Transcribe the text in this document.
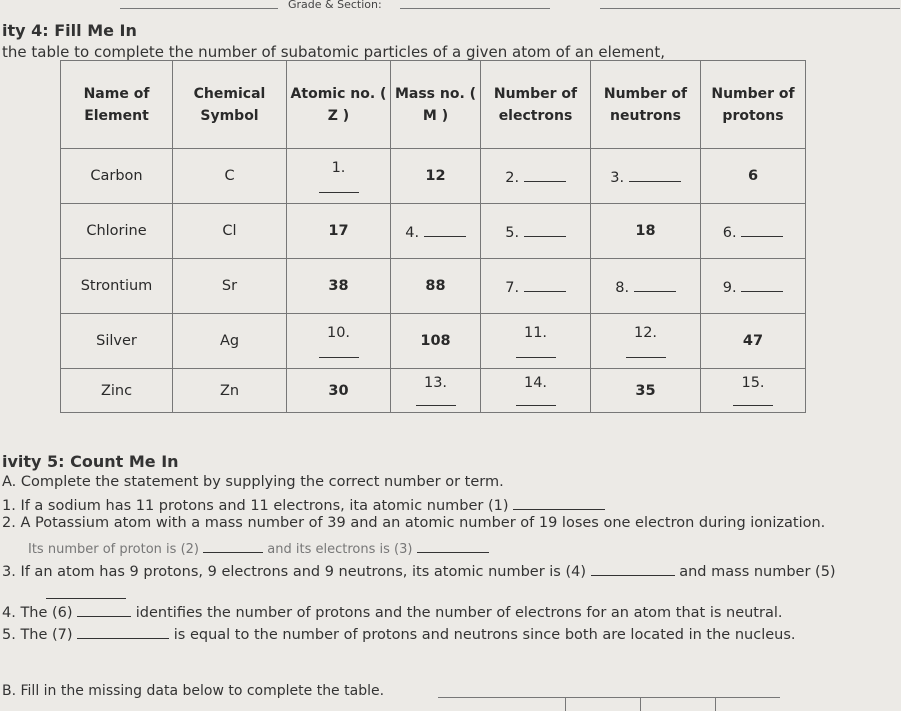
Grade & Section:
ity 4: Fill Me In
the table to complete the number of subatomic particles of a given atom of an element,
Name of Element	Chemical Symbol	Atomic no. ( Z )	Mass no. ( M )	Number of electrons	Number of neutrons	Number of protons
Carbon	C	1.	12	2.	3.	6
Chlorine	Cl	17	4.	5.	18	6.
Strontium	Sr	38	88	7.	8.	9.
Silver	Ag	10.	108	11.	12.	47
Zinc	Zn	30	13.	14.	35	15.
ivity 5: Count Me In
A. Complete the statement by supplying the correct number or term.
1. If a sodium has 11 protons and 11 electrons, ita atomic number (1)
2. A Potassium atom with a mass number of 39 and an atomic number of 19 loses one electron during ionization.
Its number of proton is (2)	and its electrons is (3)
3. If an atom has 9 protons, 9 electrons and 9 neutrons, its atomic number is (4)	and mass number (5)
4. The (6)	identifies the number of protons and the number of electrons for an atom that is neutral.
5. The (7)	is equal to the number of protons and neutrons since both are located in the nucleus.
B. Fill in the missing data below to complete the table.
